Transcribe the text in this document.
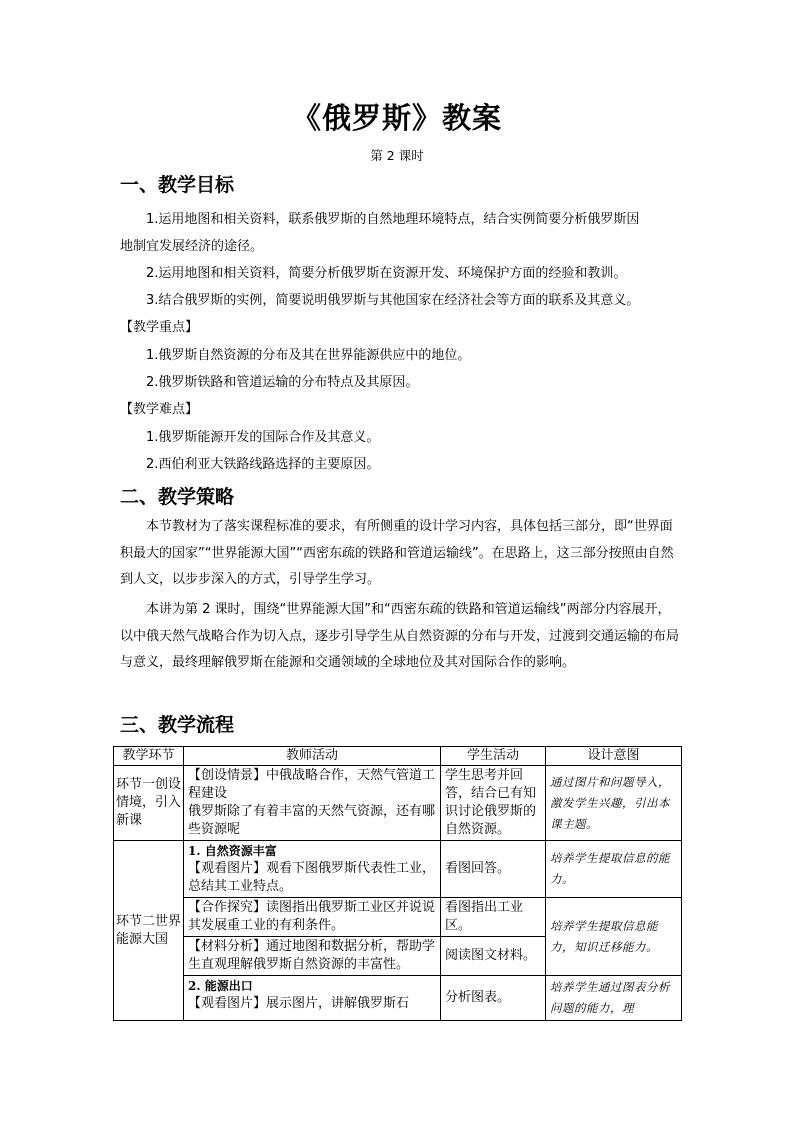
《俄罗斯》教案
第 2 课时
一、教学目标
1.运用地图和相关资料，联系俄罗斯的自然地理环境特点，结合实例简要分析俄罗斯因
地制宜发展经济的途径。
2.运用地图和相关资料，简要分析俄罗斯在资源开发、环境保护方面的经验和教训。
3.结合俄罗斯的实例，简要说明俄罗斯与其他国家在经济社会等方面的联系及其意义。
【教学重点】
1.俄罗斯自然资源的分布及其在世界能源供应中的地位。
2.俄罗斯铁路和管道运输的分布特点及其原因。
【教学难点】
1.俄罗斯能源开发的国际合作及其意义。
2.西伯利亚大铁路线路选择的主要原因。
二、教学策略
本节教材为了落实课程标准的要求，有所侧重的设计学习内容，具体包括三部分，即“世界面积最大的国家”“世界能源大国”“西密东疏的铁路和管道运输线”。在思路上，这三部分按照由自然到人文，以步步深入的方式，引导学生学习。
本讲为第 2 课时，围绕“世界能源大国”和“西密东疏的铁路和管道运输线”两部分内容展开，以中俄天然气战略合作为切入点，逐步引导学生从自然资源的分布与开发，过渡到交通运输的布局与意义，最终理解俄罗斯在能源和交通领域的全球地位及其对国际合作的影响。
三、教学流程
教学环节	教师活动	学生活动	设计意图
环节一创设情境，引入新课	【创设情景】中俄战略合作，天然气管道工程建设
俄罗斯除了有着丰富的天然气资源，还有哪些资源呢	学生思考并回答，结合已有知识讨论俄罗斯的自然资源。	通过图片和问题导入，激发学生兴趣，引出本课主题。
环节二世界能源大国	1. 自然资源丰富
【观看图片】观看下图俄罗斯代表性工业，总结其工业特点。	看图回答。	培养学生提取信息的能力。
	【合作探究】读图指出俄罗斯工业区并说说其发展重工业的有利条件。	看图指出工业区。	培养学生提取信息能力，知识迁移能力。
	【材料分析】通过地图和数据分析，帮助学生直观理解俄罗斯自然资源的丰富性。	阅读图文材料。	

	2. 能源出口
【观看图片】展示图片，讲解俄罗斯石	分析图表。	培养学生通过图表分析问题的能力，理
